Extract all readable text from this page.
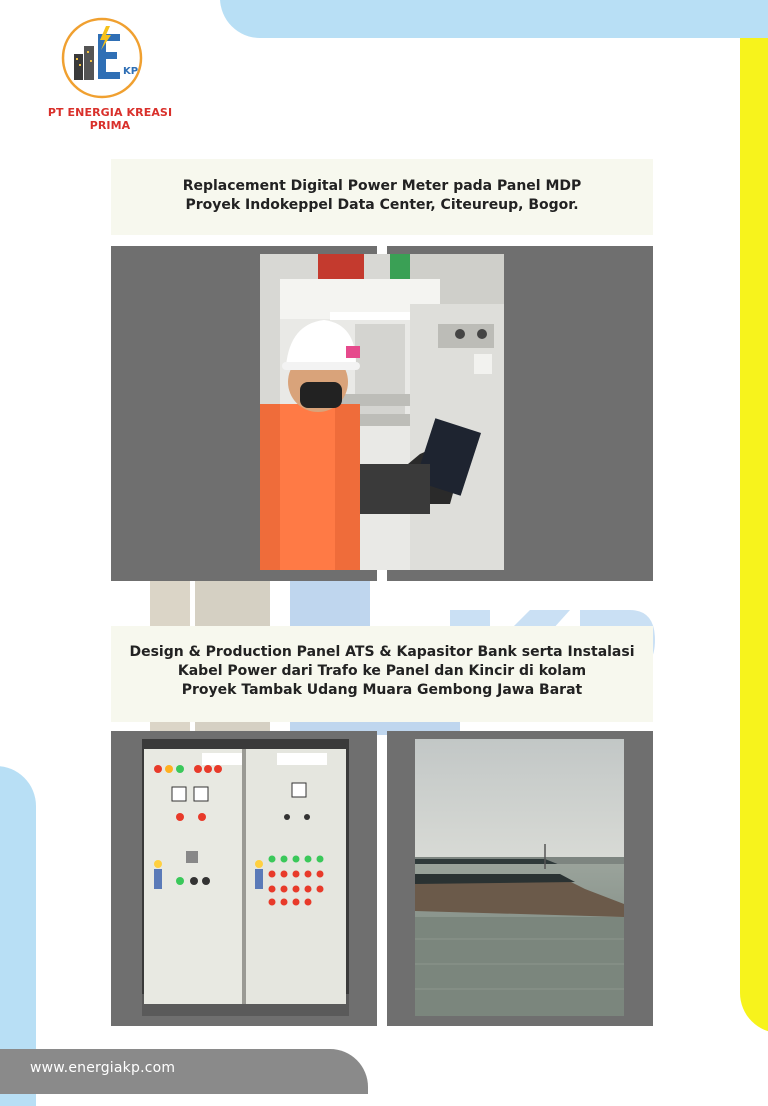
KP
PT ENERGIA KREASI PRIMA
Replacement Digital Power Meter pada Panel MDP
Proyek Indokeppel Data Center, Citeureup, Bogor.
Design & Production Panel ATS & Kapasitor Bank serta Instalasi
Kabel Power dari Trafo ke Panel dan Kincir di kolam
Proyek Tambak Udang Muara Gembong Jawa Barat
www.energiakp.com
